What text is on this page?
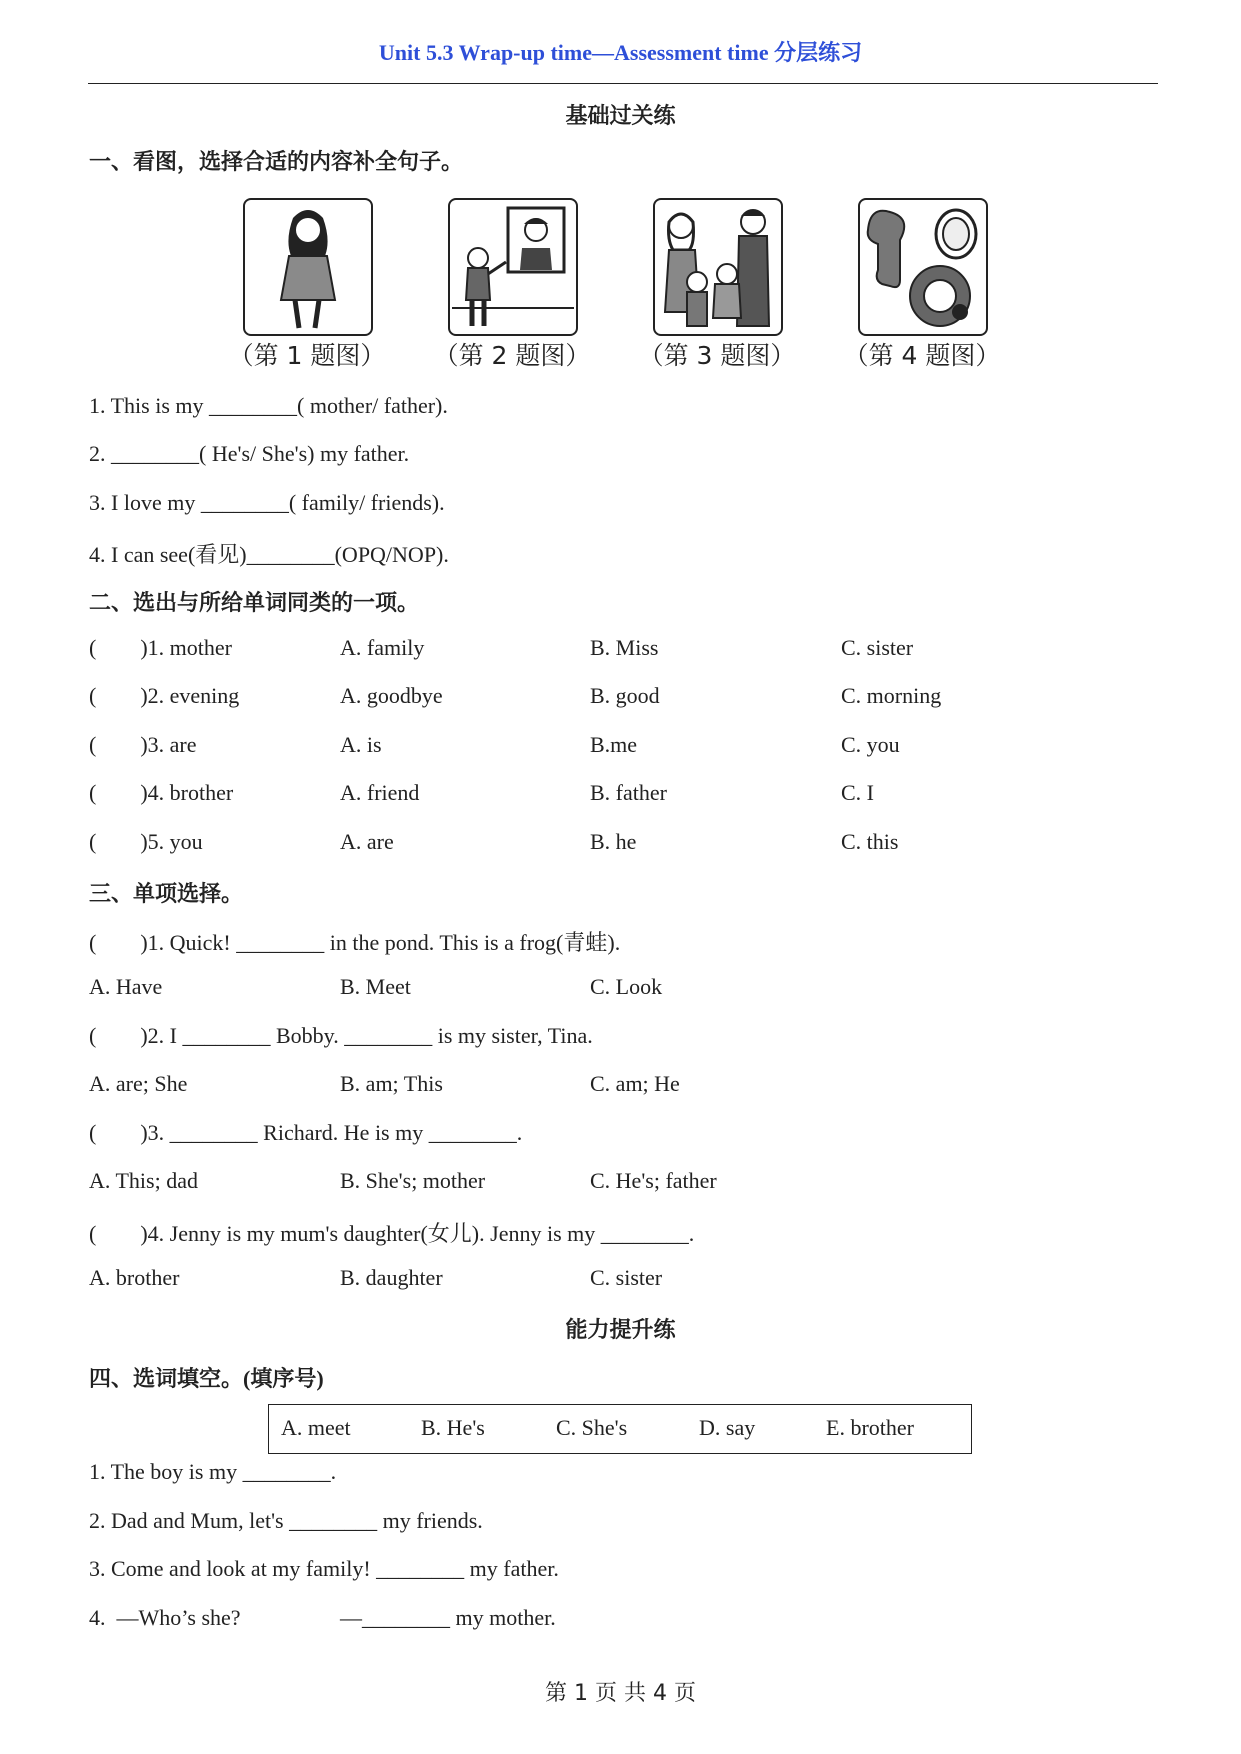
Unit 5.3 Wrap-up time—Assessment time 分层练习
基础过关练
一、看图，选择合适的内容补全句子。
（第 1 题图）	（第 2 题图）	（第 3 题图）	（第 4 题图）
1. This is my ________( mother/ father).
2. ________( He's/ She's) my father.
3. I love my ________( family/ friends).
4. I can see(看见)________(OPQ/NOP).
二、选出与所给单词同类的一项。
(        )1. mother	A. family	B. Miss	C. sister
(        )2. evening	A. goodbye	B. good	C. morning
(        )3. are	A. is	B.me	C. you
(        )4. brother	A. friend	B. father	C. I
(        )5. you	A. are	B. he	C. this
三、单项选择。
(        )1. Quick! ________ in the pond. This is a frog(青蛙).
A. Have	B. Meet	C. Look
(        )2. I ________ Bobby. ________ is my sister, Tina.
A. are; She	B. am; This	C. am; He
(        )3. ________ Richard. He is my ________.
A. This; dad	B. She's; mother	C. He's; father
(        )4. Jenny is my mum's daughter(女儿). Jenny is my ________.
A. brother	B. daughter	C. sister
能力提升练
四、选词填空。(填序号)
A. meet	B. He's	C. She's	D. say	E. brother
1. The boy is my ________.
2. Dad and Mum, let's ________ my friends.
3. Come and look at my family! ________ my father.
4.  —Who’s she?	—________ my mother.
第 1 页 共 4 页
